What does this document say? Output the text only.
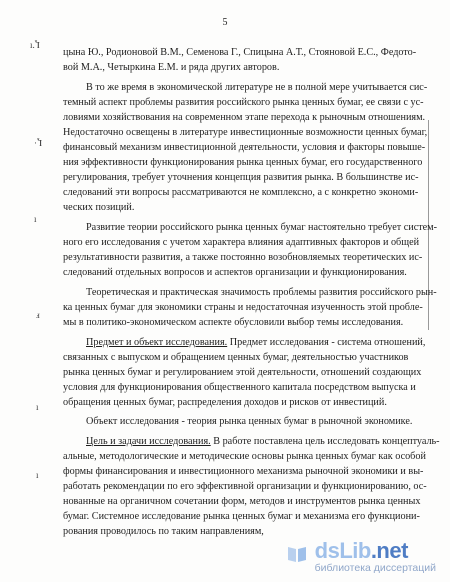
5
ı.Ⴈ
·Ⴈ
ı
ⅎ
ı
ı
цына Ю., Родионовой В.М., Семенова Г., Спицына А.Т., Стояновой Е.С., Федото-
вой М.А., Четыркина Е.М. и ряда других авторов.
В то же время в экономической литературе не в полной мере учитывается сис-
темный аспект проблемы развития российского рынка ценных бумаг, ее связи с ус-
ловиями хозяйствования на современном этапе перехода к рыночным отношениям.
Недостаточно освещены в литературе инвестиционные возможности ценных бумаг,
финансовый механизм инвестиционной деятельности, условия и факторы повыше-
ния эффективности функционирования рынка ценных бумаг, его государственного
регулирования, требует уточнения концепция развития рынка. В большинстве ис-
следований эти вопросы рассматриваются не комплексно, а с конкретно экономи-
ческих позиций.
Развитие теории российского рынка ценных бумаг настоятельно требует систем-
ного его исследования с учетом характера влияния адаптивных факторов и общей
результативности развития, а также постоянно возобновляемых теоретических ис-
следований отдельных вопросов и аспектов организации и функционирования.
Теоретическая и практическая значимость проблемы развития российского рын-
ка ценных бумаг для экономики страны и недостаточная изученность этой пробле-
мы в политико-экономическом аспекте обусловили выбор темы исследования.
Предмет и объект исследования. Предмет исследования - система отношений,
связанных с выпуском и обращением ценных бумаг, деятельностью участников
рынка ценных бумаг и регулированием этой деятельности, отношений создающих
условия для функционирования общественного капитала посредством выпуска и
обращения ценных бумаг, распределения доходов и рисков от инвестиций.
Объект исследования - теория рынка ценных бумаг в рыночной экономике.
Цель и задачи исследования. В работе поставлена цель исследовать концептуаль-
альные, методологические и методические основы рынка ценных бумаг как особой
формы финансирования и инвестиционного механизма рыночной экономики и вы-
работать рекомендации по его эффективной организации и функционированию, ос-
нованные на органичном сочетании форм, методов и инструментов рынка ценных
бумаг. Системное исследование рынка ценных бумаг и механизма его функциони-
рования проводилось по таким направлениям,
dsLib.net
библиотека диссертаций
